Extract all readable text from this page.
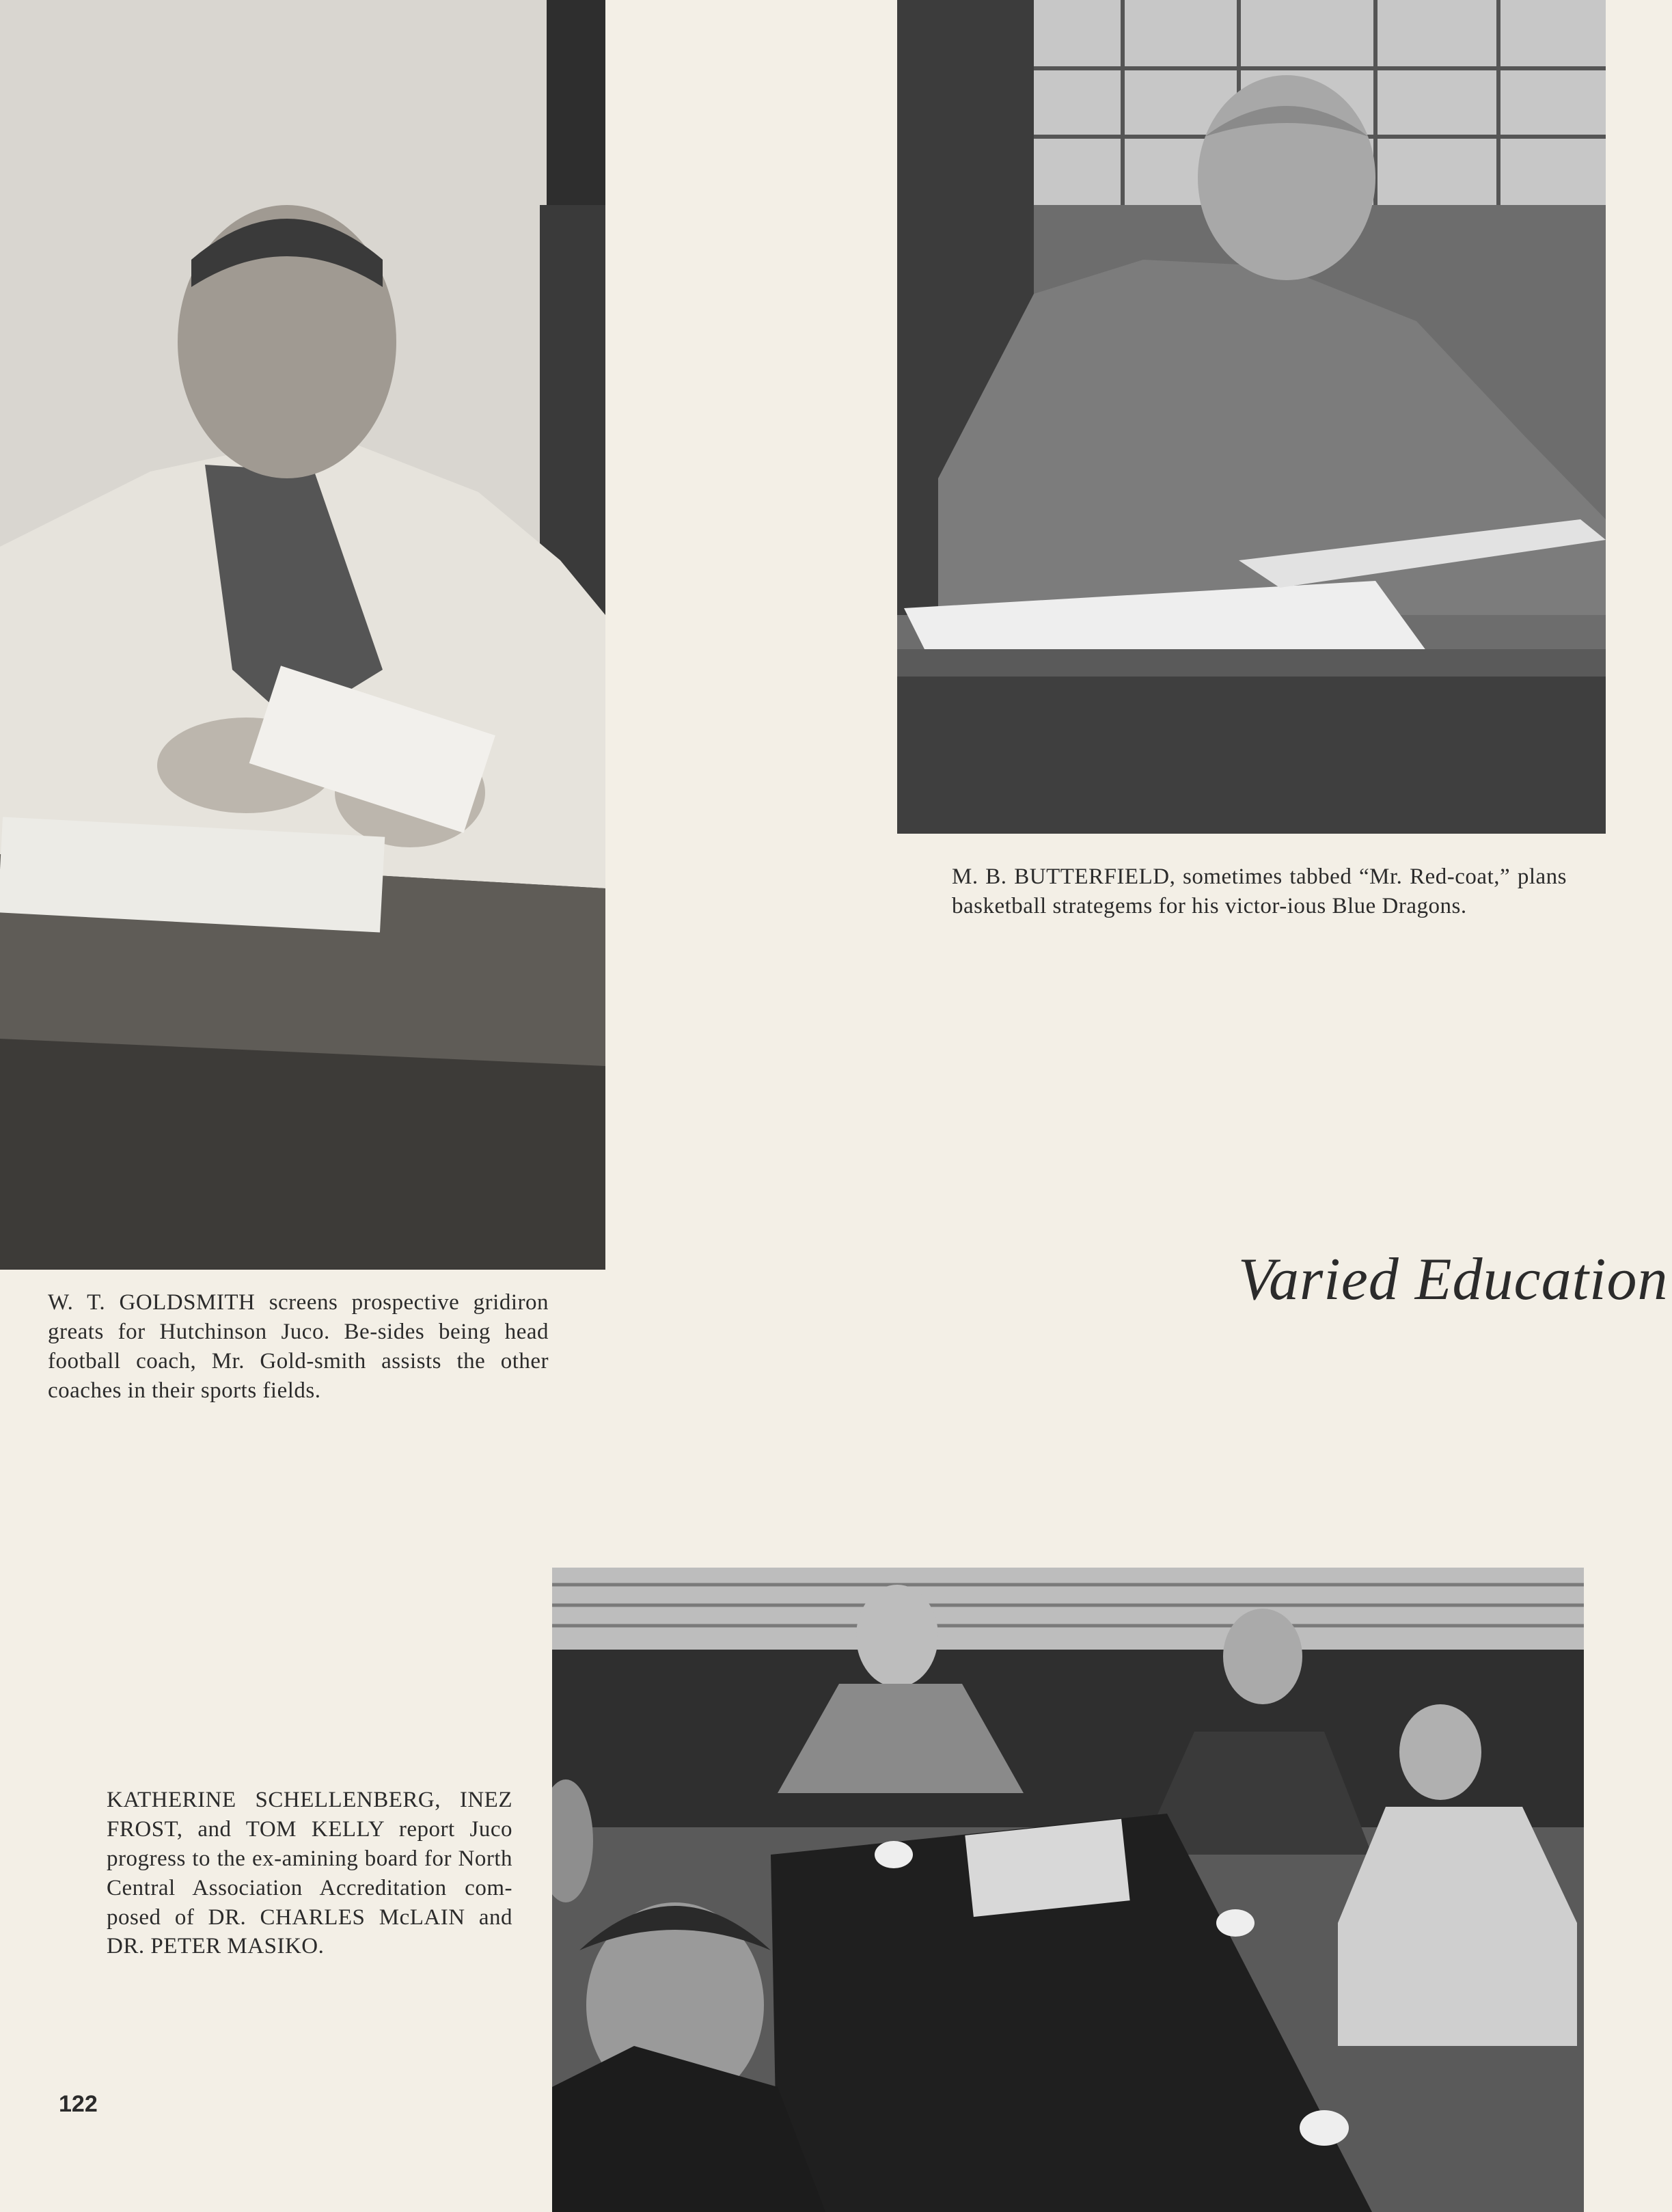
M. B. BUTTERFIELD, sometimes tabbed “Mr. Red-coat,” plans basketball strategems for his victor-ious Blue Dragons.
W. T. GOLDSMITH screens prospective gridiron greats for Hutchinson Juco. Be-sides being head football coach, Mr. Gold-smith assists the other coaches in their sports fields.
Varied Education
KATHERINE SCHELLENBERG, INEZ FROST, and TOM KELLY report Juco progress to the ex-amining board for North Central Association Accreditation com-posed of DR. CHARLES McLAIN and DR. PETER MASIKO.
122
